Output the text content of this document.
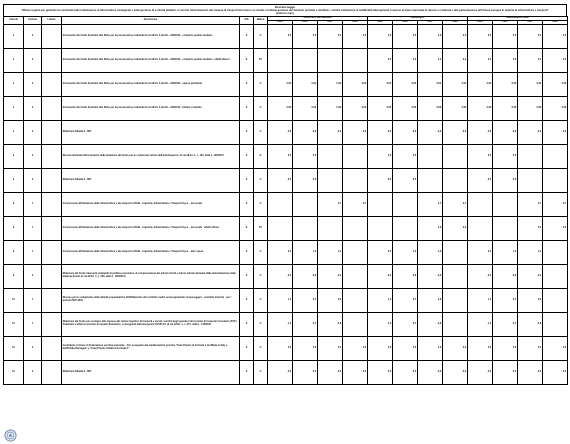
Decreto-legge
"Misure urgenti per garantire la continuità nella realizzazione di infrastrutture strategiche e nella gestione di contratti pubblici, il corretto funzionamento del sistema di trasporti ferroviari e su strada, l'ordinata gestione del demanio portuale e marittimo, nonché l'attuazione di indifferibili adempimenti connessi al piano nazionale di ripresa e resilienza e alla partecipazione all'Unione europea in materia di infrastrutture e trasporti"
(valori in euro)
Articolo	Comma	Lettera	Descrizione	E/S	Natura	Saldo netto da finanziare				Fabbisogno				Indebitamento netto			
						2026	2026	2027	2028	2026	2026	2027	2028	2026	2026	2027	2028
1	2		Incremento del fondo destinato allo Stato per la prosecuzione ordinaria di cui all'art. 6 del D.L. 186/2016 - comparto perdite sanitarie	S	C	0,5	0,5	0,5	0,5	0,5	0,5	0,5	0,5	0,5	0,5	0,5	0,5
1	2		Incremento del fondo destinato allo Stato per la prosecuzione ordinaria di cui all'art. 6 del D.L. 186/2016 - comparto perdite sanitarie - effetti riflessi	E	TC					0,2	0,2	0,2	0,2	0,2	0,2	0,2	0,2
1	2		Incremento del fondo destinato allo Stato per la prosecuzione ordinaria di cui all'art. 6 del D.L. 186/2016 - sparse perdizioni	S	C	0,02	0,02	0,02	0,02	0,02	0,02	0,02	0,02	0,02	0,02	0,02	0,02
1	2		Incremento del fondo destinato allo Stato per la prosecuzione ordinaria di cui all'art. 6 del D.L. 186/2016 - titolare comando	S	C	0,03	0,03	0,03	0,03	0,03	0,03	0,03	0,03	0,03	0,03	0,03	0,03
1	2		Riduzione Tabella A - MIT	S	C	-0,6	-0,6	-0,6	-0,6	-0,6	-0,6	-0,6	-0,6	-0,6	-0,6	-0,6	-0,6
2	2		Riserva destinata all'incremento della dotazione del fondo per le società del settore dell'autotrasporto, di cui all'art. 1, c. 150, della L. 190/2014	S	K	0,5	0,5			0,5	0,5			0,5	0,5		
2	2		Riduzione Tabella A - MIT	S	C	-0,5	-0,5			-0,5	-0,5			-0,5	-0,5		
8	1		Concessione all'Istituzione delle infrastrutture e dei trasporti a RAM - Logistica, Infrastrutture e Trasporti S.p.a. - personale	S	C			0,7	0,7			0,7	0,7			0,7	0,7
8	1		Concessione all'Istituzione delle infrastrutture e dei trasporti a RAM - Logistica, Infrastrutture e Trasporti S.p.a. - personale - effetti riflessi	E	TC							0,3	0,3			0,3	0,3
8	1		Concessione all'Istituzione delle infrastrutture e dei trasporti a RAM - Logistica, Infrastrutture e Trasporti S.p.a. - altre spese	S	C	0,2	1,3	1,3		0,2	1,3	1,3		0,2	1,3	1,3	
8	2		Riduzione del fondo interventi strutturali di politica economica, di compensazione dei minori introiti e minori entrate derivanti dalla determinazione delle aliquote (fondo di cui all'art. 1, c. 200, della L. 190/2014)	S	C	-0,2	-0,8	-2,0		-0,2	-0,8	-2,0		-0,2	-0,8	-2,0	
10	1		Risorse per lo svolgimento delle attività propedeutiche all'affidamento del contratto medio nel programmato di passeggeri - contratto intercity - per i periodi 2027-2031	S	C	1,2	3,7	3,8		1,2	3,7	3,8		1,2	3,7	3,8	
10	1		Riduzione del fondo per sostegno alle imprese del settore logistico di trasporti e servizi, nonché degli operatori del servizio di trasporto ferroviario (STC) finalizzato a effetti economici di impatto finanziario, conseguenti dall'emergenza COVID-19, di cui all'art. 1, c. 371, della L. 178/2020	S	C	-1,2	-3,7	-3,8		-1,2	-3,7	-3,8		-1,2	-3,7	-3,8	
19	2		Contributo in favore di Federazione sportiva nazionale - ACI, assegnato dai manifestazioni sportive "Gran Premio di Formula 1 del Made in Italy e dell'Emilia-Romagna" e "Gran Premio d'Italia di Formula 1"	S	C	5,0	5,0	5,0	5,0	5,0	5,0	5,0	5,0	5,0	5,0	5,0	5,0
19	2		Riduzione Tabella A - MIT	S	C	-5,0	-5,0	-5,0	-5,0	-5,0	-5,0	-5,0	-5,0	-5,0	-5,0	-5,0	-5,0
